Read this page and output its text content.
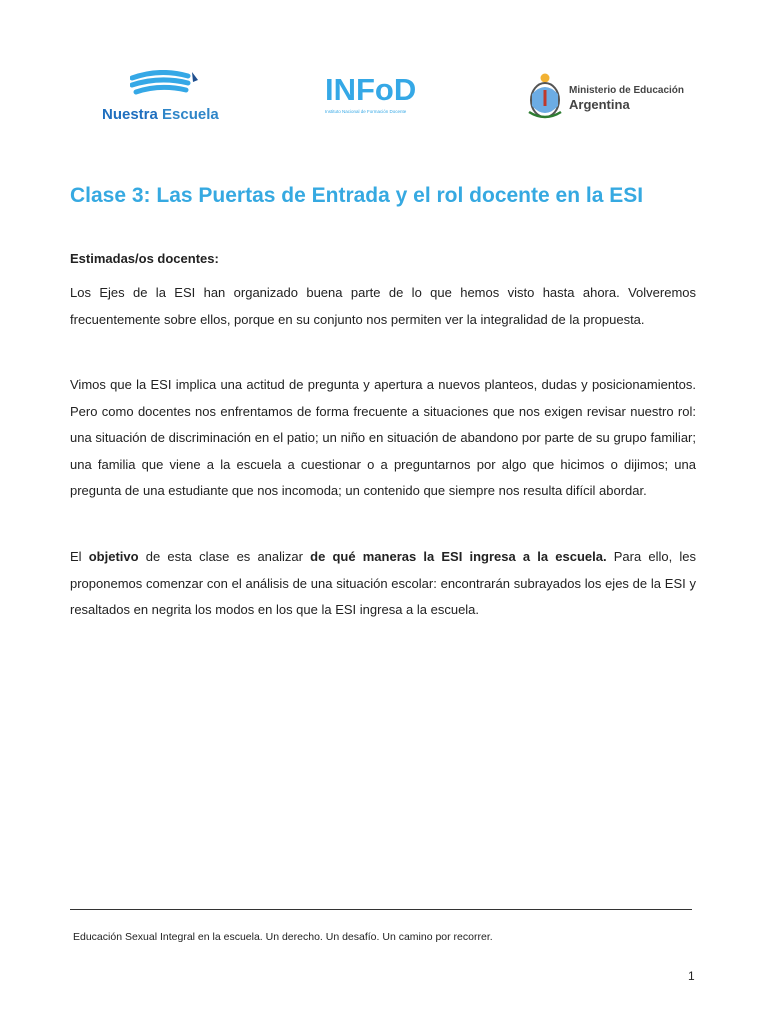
Nuestra Escuela
INFoD
Instituto Nacional de Formación Docente
Ministerio de Educación
Argentina
Clase 3: Las Puertas de Entrada y el rol docente en la ESI
Estimadas/os docentes:
Los Ejes de la ESI han organizado buena parte de lo que hemos visto hasta ahora. Volveremos frecuentemente sobre ellos, porque en su conjunto nos permiten ver la integralidad de la propuesta.
Vimos que la ESI implica una actitud de pregunta y apertura a nuevos planteos, dudas y posicionamientos. Pero como docentes nos enfrentamos de forma frecuente a situaciones que nos exigen revisar nuestro rol: una situación de discriminación en el patio; un niño en situación de abandono por parte de su grupo familiar; una familia que viene a la escuela a cuestionar o a preguntarnos por algo que hicimos o dijimos; una pregunta de una estudiante que nos incomoda; un contenido que siempre nos resulta difícil abordar.
El objetivo de esta clase es analizar de qué maneras la ESI ingresa a la escuela. Para ello, les proponemos comenzar con el análisis de una situación escolar: encontrarán subrayados los ejes de la ESI y resaltados en negrita los modos en los que la ESI ingresa a la escuela.
Educación Sexual Integral en la escuela. Un derecho. Un desafío. Un camino por recorrer.
1
